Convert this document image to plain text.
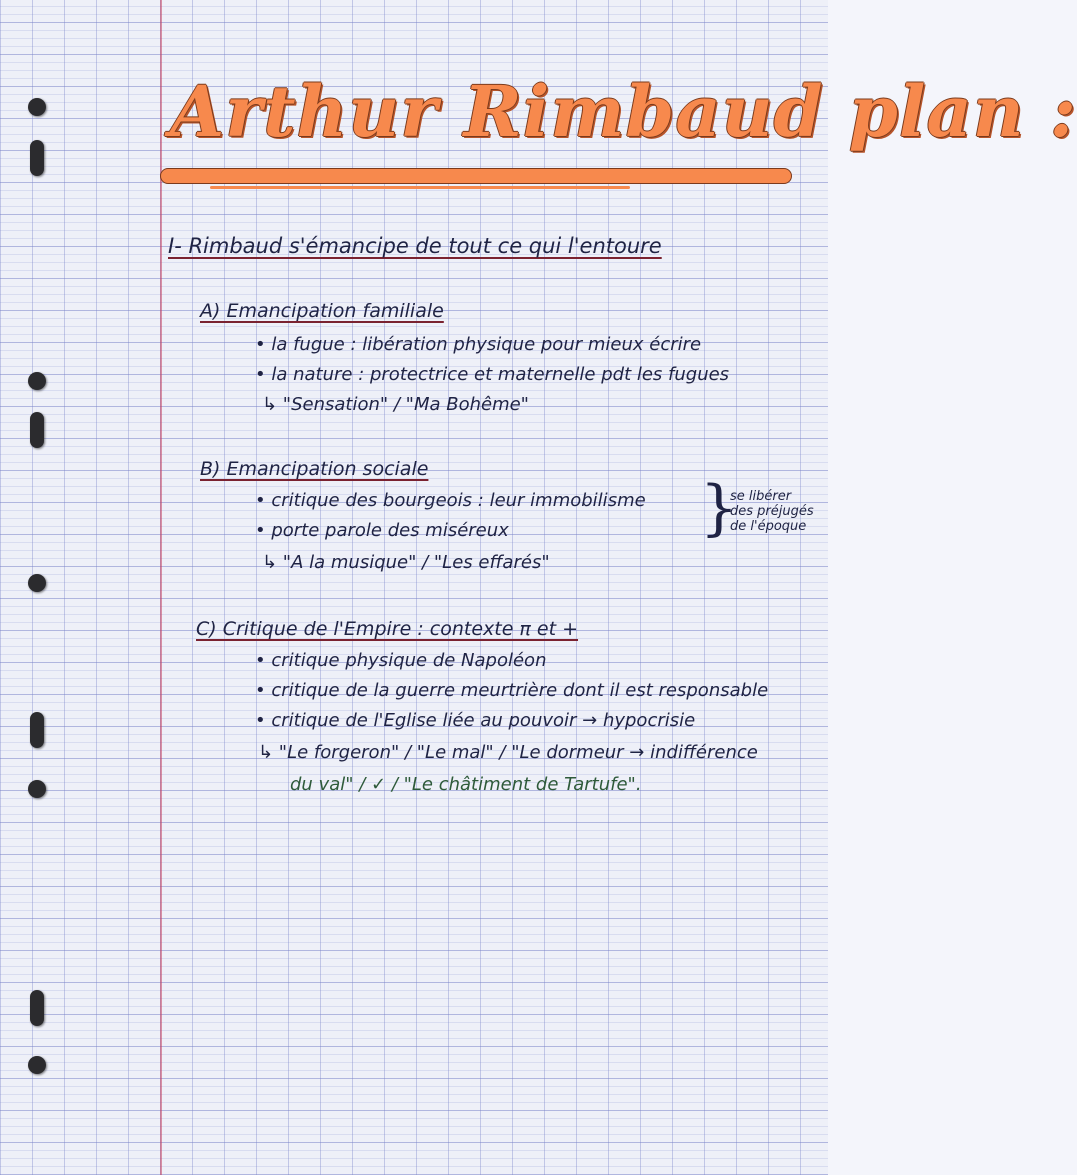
Arthur Rimbaud plan :
I- Rimbaud s'émancipe de tout ce qui l'entoure
A) Emancipation familiale
• la fugue : libération physique pour mieux écrire
• la nature : protectrice et maternelle pdt les fugues
↳ "Sensation" / "Ma Bohême"
B) Emancipation sociale
• critique des bourgeois : leur immobilisme
• porte parole des miséreux
↳ "A la musique" / "Les effarés"
}
se libérer
des préjugés
de l'époque
C) Critique de l'Empire : contexte π et +
• critique physique de Napoléon
• critique de la guerre meurtrière dont il est responsable
• critique de l'Eglise liée au pouvoir → hypocrisie
↳ "Le forgeron" / "Le mal" / "Le dormeur → indifférence
du val" / ✓ / "Le châtiment de Tartufe".
